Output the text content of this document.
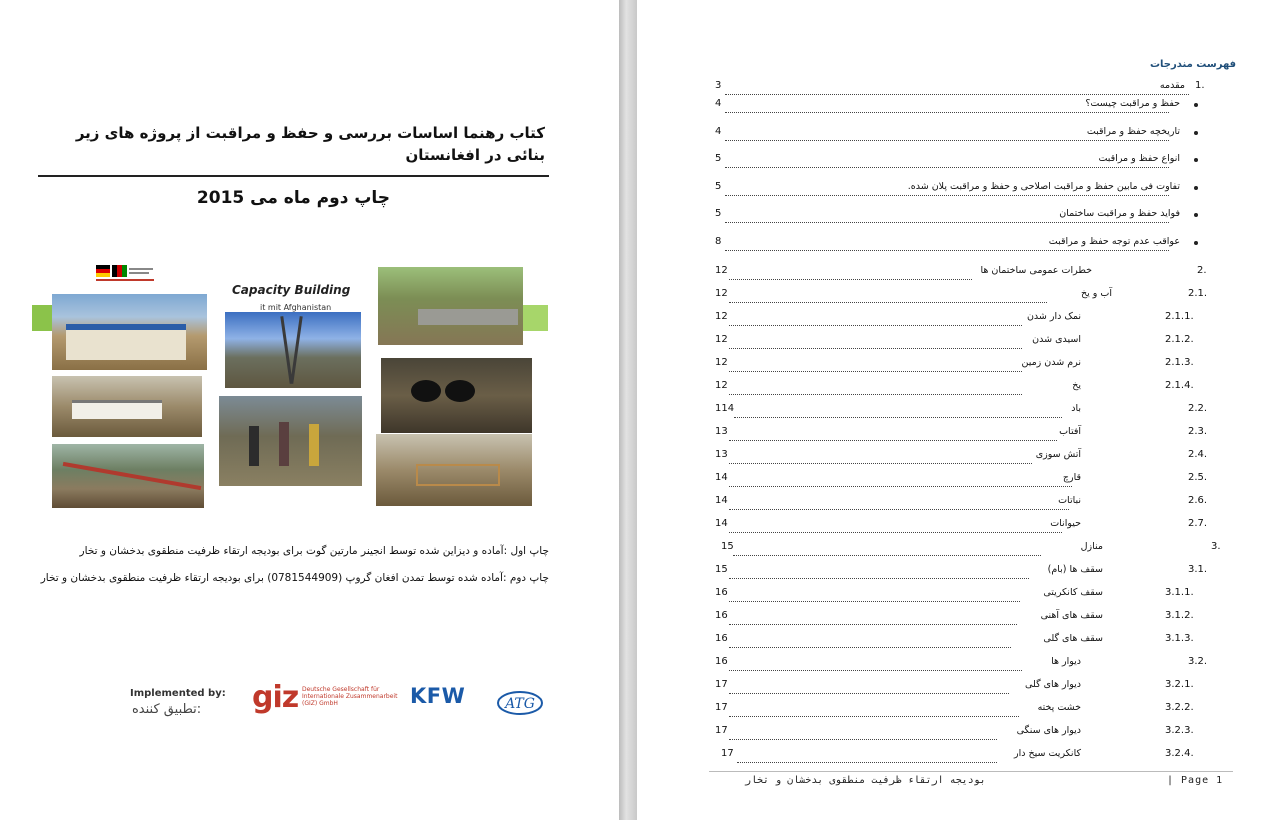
کتاب رهنما اساسات بررسی و حفظ و مراقبت از پروژه های زیر بنائی در افغانستان
چاپ دوم ماه می 2015
Capacity Building
it mit Afghanistan
چاپ اول :آماده و دیزاین شده توسط انجینر مارتین گوت برای بودیجه ارتقاء ظرفیت منطقوی بدخشان و تخار
چاپ دوم :آماده شده توسط تمدن افغان گروپ (0781544909) برای بودیجه ارتقاء ظرفیت منطقوی بدخشان و تخار
Implemented by:
تطبیق کننده: giz Deutsche Gesellschaft für Internationale Zusammenarbeit (GIZ) GmbH	KFW	ATG
فهرست مندرجات
3	مقدمه 1.
4	حفظ و مراقبت چیست؟
4	تاریخچه حفظ و مراقبت
5	انواع حفظ و مراقبت
5	تفاوت فی مابین حفظ و مراقبت اصلاحی و حفظ و مراقبت پلان شده.
5	فواید حفظ و مراقبت ساختمان
8	عواقب عدم توجه حفظ و مراقبت
12	خطرات عمومی ساختمان ها	2.
12	آب و یخ	2.1.
12	نمک دار شدن	2.1.1.
12	اسیدی شدن	2.1.2.
12	نرم شدن زمین	2.1.3.
12	یخ	2.1.4.
114	باد	2.2.
13	آفتاب	2.3.
13	آتش سوزی	2.4.
14	قارچ	2.5.
14	نباتات	2.6.
14	حیوانات	2.7.
15	منازل	3.
15	سقف ها (بام)	3.1.
16	سقف کانکریتی	3.1.1.
16	سقف های آهنی	3.1.2.
16	سقف های گلی	3.1.3.
16	دیوار ها	3.2.
17	دیوار های گلی	3.2.1.
17	خشت پخته	3.2.2.
17	دیوار های سنگی	3.2.3.
17	کانکریت سیخ دار	3.2.4.
بودیجه ارتقاء ظرفیت منطقوی بدخشان و تخار	| Page 1
